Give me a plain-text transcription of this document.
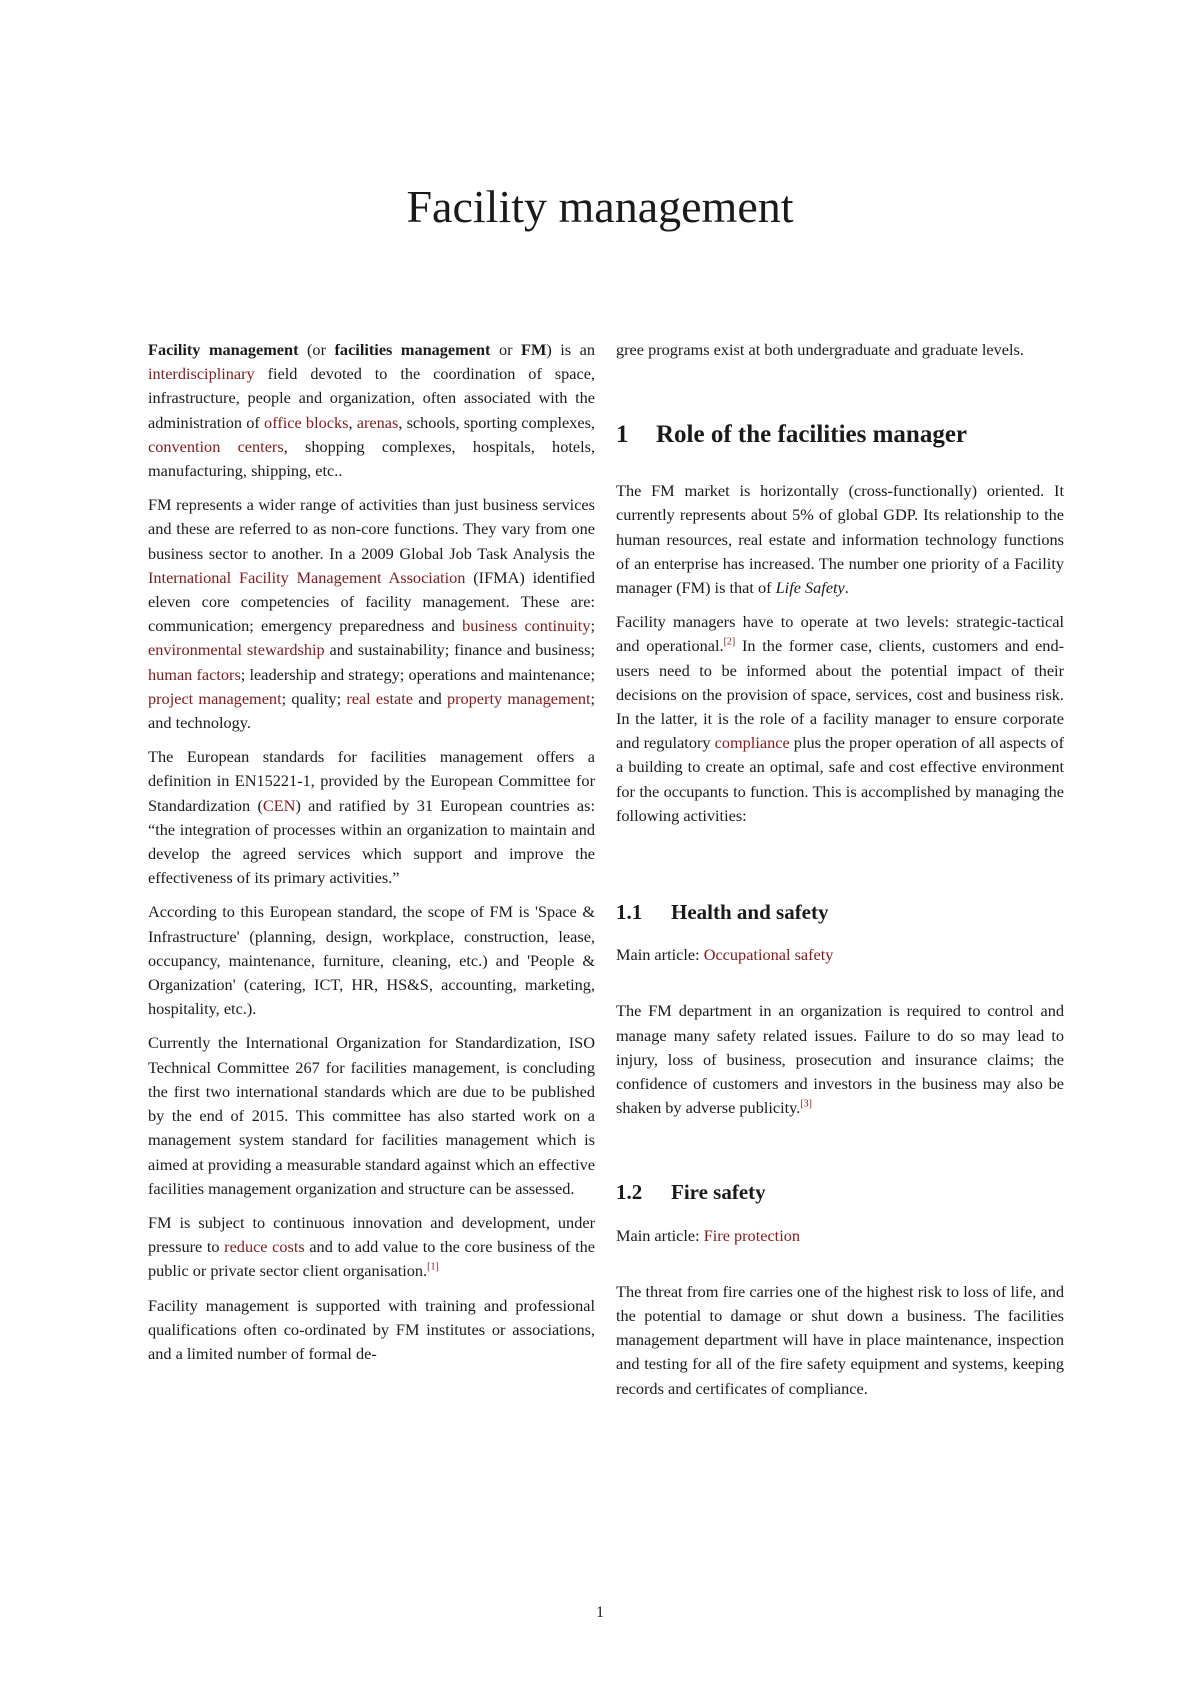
Facility management

Facility management (or facilities management or FM) is an interdisciplinary field devoted to the coordination of space, infrastructure, people and organization, often associated with the administration of office blocks, arenas, schools, sporting complexes, convention centers, shopping complexes, hospitals, hotels, manufacturing, shipping, etc..

FM represents a wider range of activities than just business services and these are referred to as non-core functions. They vary from one business sector to another. In a 2009 Global Job Task Analysis the International Facility Management Association (IFMA) identified eleven core competencies of facility management. These are: communication; emergency preparedness and business continuity; environmental stewardship and sustainability; finance and business; human factors; leadership and strategy; operations and maintenance; project management; quality; real estate and property management; and technology.

The European standards for facilities management offers a definition in EN15221-1, provided by the European Committee for Standardization (CEN) and ratified by 31 European countries as: “the integration of processes within an organization to maintain and develop the agreed services which support and improve the effectiveness of its primary activities.”

According to this European standard, the scope of FM is 'Space & Infrastructure' (planning, design, workplace, construction, lease, occupancy, maintenance, furniture, cleaning, etc.) and 'People & Organization' (catering, ICT, HR, HS&S, accounting, marketing, hospitality, etc.).

Currently the International Organization for Standardization, ISO Technical Committee 267 for facilities management, is concluding the first two international standards which are due to be published by the end of 2015. This committee has also started work on a management system standard for facilities management which is aimed at providing a measurable standard against which an effective facilities management organization and structure can be assessed.

FM is subject to continuous innovation and development, under pressure to reduce costs and to add value to the core business of the public or private sector client organisation.[1]

Facility management is supported with training and professional qualifications often co-ordinated by FM institutes or associations, and a limited number of formal de-

gree programs exist at both undergraduate and graduate levels.

1 Role of the facilities manager

The FM market is horizontally (cross-functionally) oriented. It currently represents about 5% of global GDP. Its relationship to the human resources, real estate and information technology functions of an enterprise has increased. The number one priority of a Facility manager (FM) is that of Life Safety.

Facility managers have to operate at two levels: strategic-tactical and operational.[2] In the former case, clients, customers and end-users need to be informed about the potential impact of their decisions on the provision of space, services, cost and business risk. In the latter, it is the role of a facility manager to ensure corporate and regulatory compliance plus the proper operation of all aspects of a building to create an optimal, safe and cost effective environment for the occupants to function. This is accomplished by managing the following activities:

1.1 Health and safety

Main article: Occupational safety

The FM department in an organization is required to control and manage many safety related issues. Failure to do so may lead to injury, loss of business, prosecution and insurance claims; the confidence of customers and investors in the business may also be shaken by adverse publicity.[3]

1.2 Fire safety

Main article: Fire protection

The threat from fire carries one of the highest risk to loss of life, and the potential to damage or shut down a business. The facilities management department will have in place maintenance, inspection and testing for all of the fire safety equipment and systems, keeping records and certificates of compliance.

1
